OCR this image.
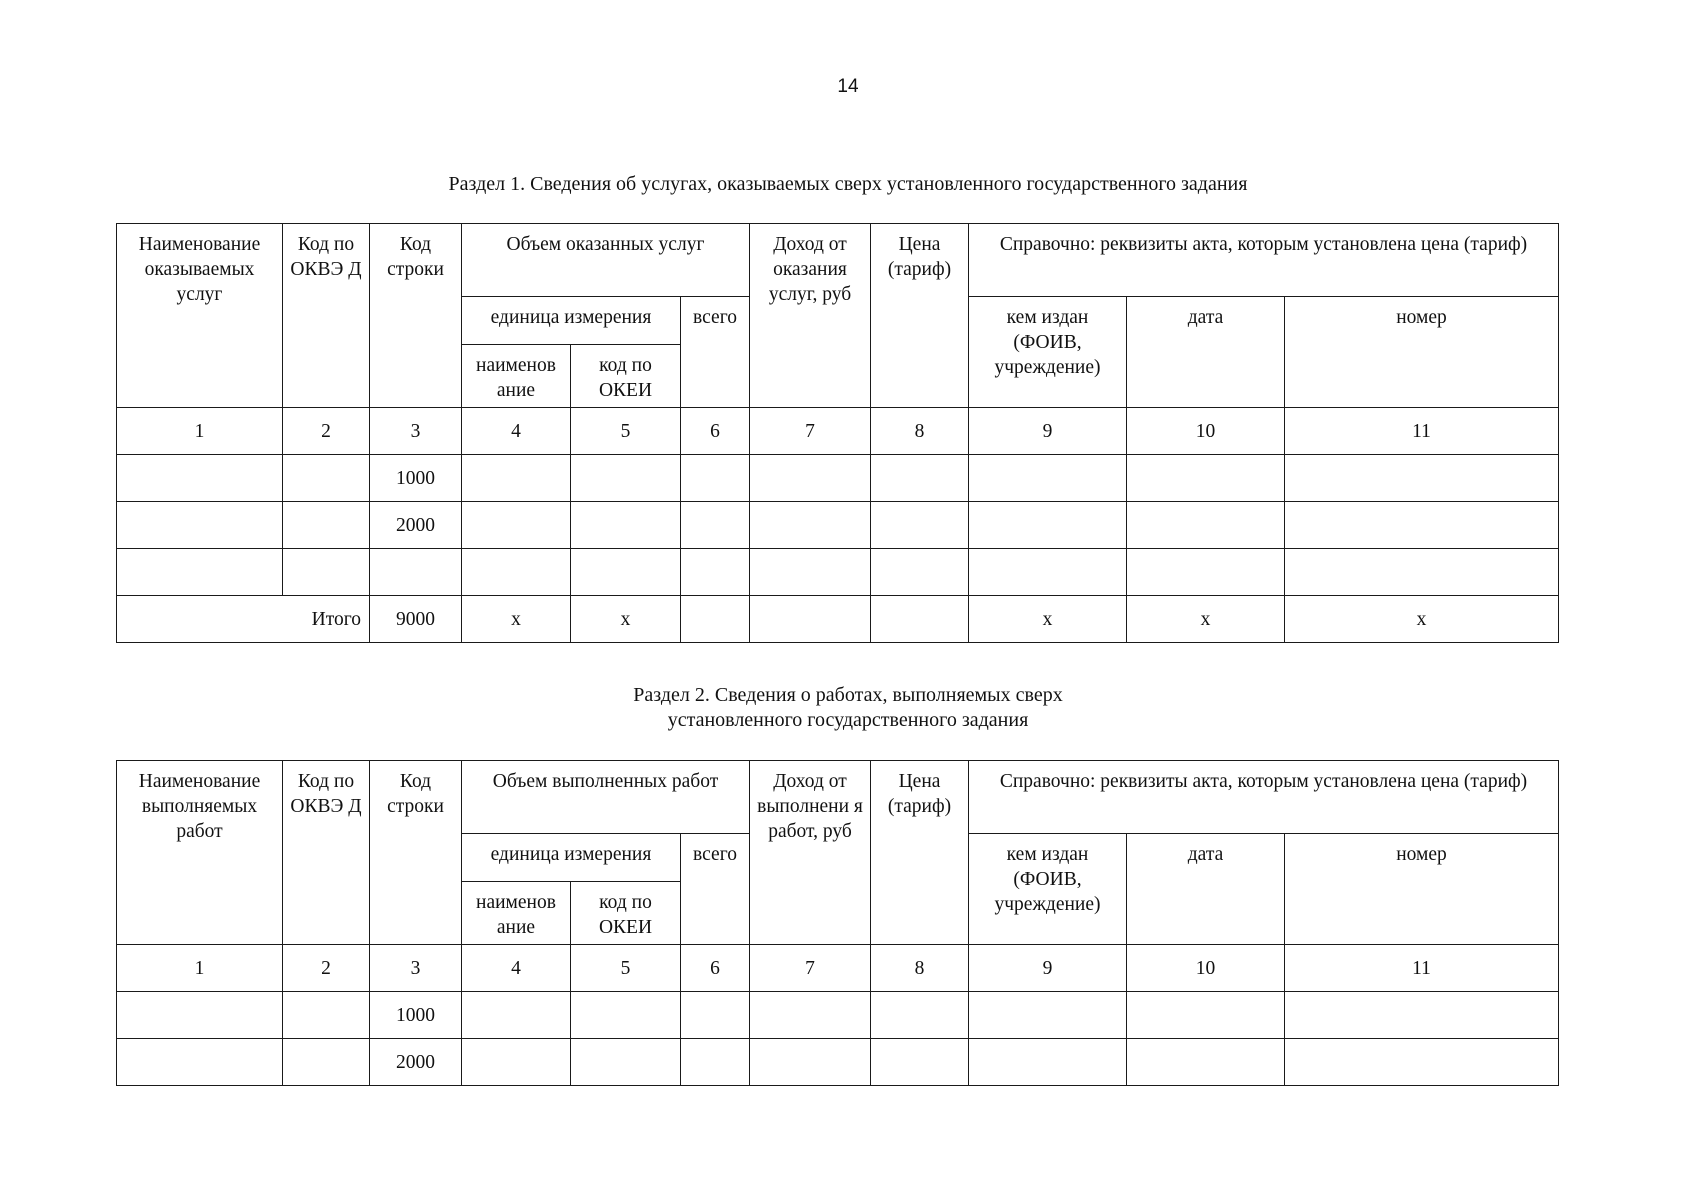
14
Раздел 1. Сведения об услугах, оказываемых сверх установленного государственного задания
Наименование оказываемых услуг	Код по ОКВЭ Д	Код строки	Объем оказанных услуг			Доход от оказания услуг, руб	Цена (тариф)	Справочно: реквизиты акта, которым установлена цена (тариф)		
			единица измерения		всего			кем издан (ФОИВ, учреждение)	дата	номер
			наименов ание	код по ОКЕИ						
1	2	3	4	5	6	7	8	9	10	11
		1000								
		2000								

Итого		9000	x	x				x	x	x
Раздел 2. Сведения о работах, выполняемых сверх
установленного государственного задания
Наименование выполняемых работ	Код по ОКВЭ Д	Код строки	Объем выполненных работ			Доход от выполнени я работ, руб	Цена (тариф)	Справочно: реквизиты акта, которым установлена цена (тариф)		
			единица измерения		всего			кем издан (ФОИВ, учреждение)	дата	номер
			наименов ание	код по ОКЕИ						
1	2	3	4	5	6	7	8	9	10	11
		1000								
		2000								
